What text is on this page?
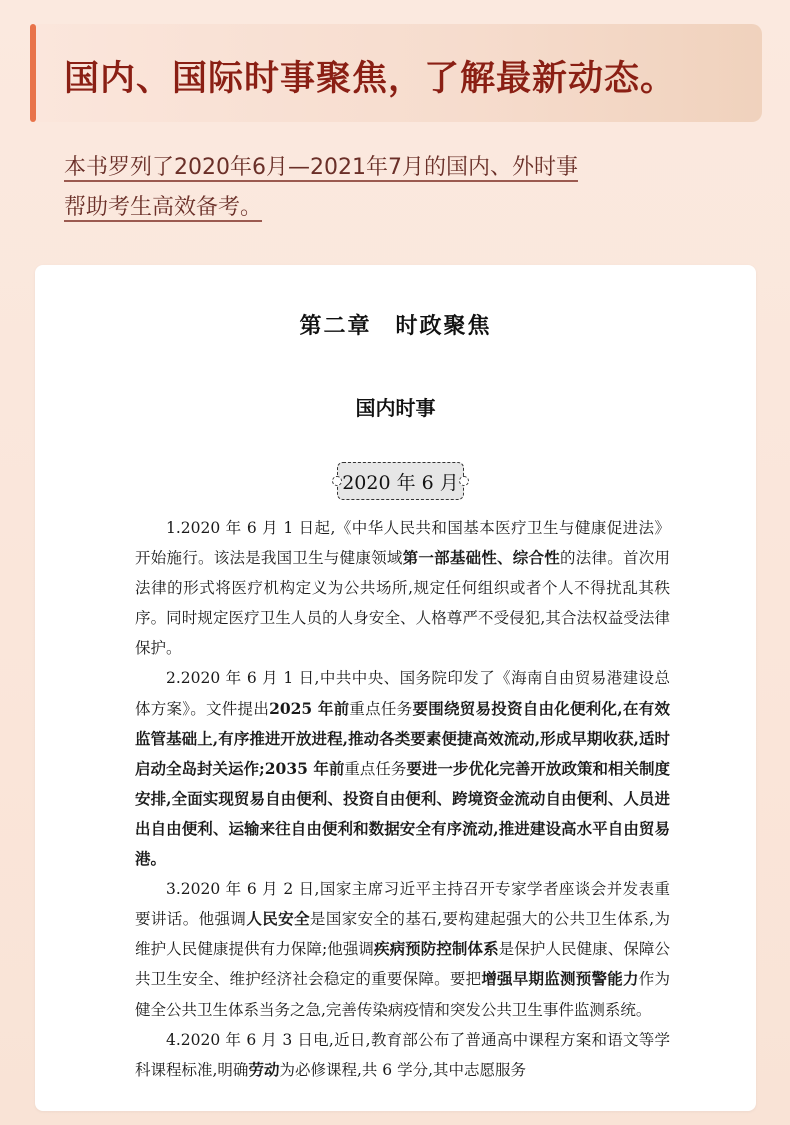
国内、国际时事聚焦，了解最新动态。
本书罗列了2020年6月—2021年7月的国内、外时事
帮助考生高效备考。
第二章　时政聚焦
国内时事
2020 年 6 月

1.2020 年 6 月 1 日起,《中华人民共和国基本医疗卫生与健康促进法》开始施行。该法是我国卫生与健康领域第一部基础性、综合性的法律。首次用法律的形式将医疗机构定义为公共场所,规定任何组织或者个人不得扰乱其秩序。同时规定医疗卫生人员的人身安全、人格尊严不受侵犯,其合法权益受法律保护。

2.2020 年 6 月 1 日,中共中央、国务院印发了《海南自由贸易港建设总体方案》。文件提出2025 年前重点任务要围绕贸易投资自由化便利化,在有效监管基础上,有序推进开放进程,推动各类要素便捷高效流动,形成早期收获,适时启动全岛封关运作;2035 年前重点任务要进一步优化完善开放政策和相关制度安排,全面实现贸易自由便利、投资自由便利、跨境资金流动自由便利、人员进出自由便利、运输来往自由便利和数据安全有序流动,推进建设高水平自由贸易港。

3.2020 年 6 月 2 日,国家主席习近平主持召开专家学者座谈会并发表重要讲话。他强调人民安全是国家安全的基石,要构建起强大的公共卫生体系,为维护人民健康提供有力保障;他强调疾病预防控制体系是保护人民健康、保障公共卫生安全、维护经济社会稳定的重要保障。要把增强早期监测预警能力作为健全公共卫生体系当务之急,完善传染病疫情和突发公共卫生事件监测系统。

4.2020 年 6 月 3 日电,近日,教育部公布了普通高中课程方案和语文等学科课程标准,明确劳动为必修课程,共 6 学分,其中志愿服务
